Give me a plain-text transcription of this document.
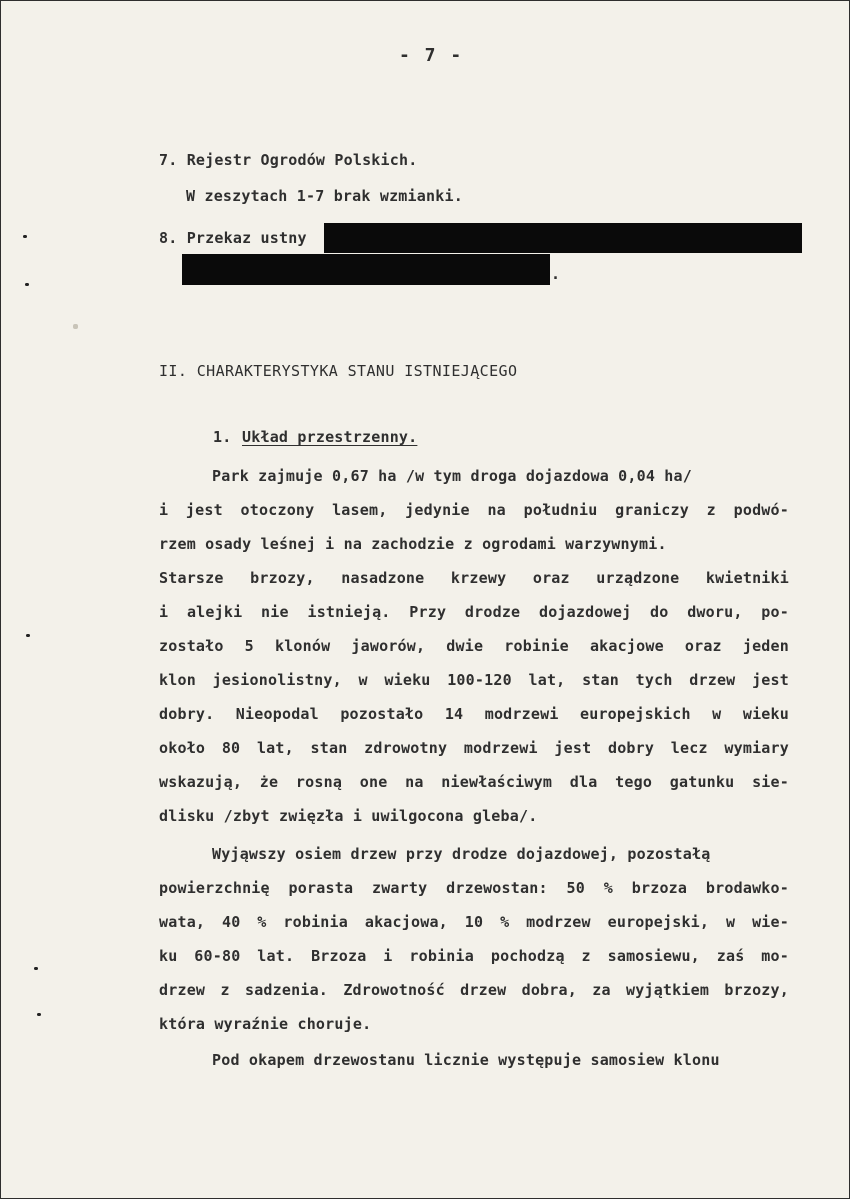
- 7 -
7. Rejestr Ogrodów Polskich.
W zeszytach 1-7 brak wzmianki.
8. Przekaz ustny
.
II. CHARAKTERYSTYKA STANU ISTNIEJĄCEGO
1. Układ przestrzenny.
Park zajmuje 0,67 ha /w tym droga dojazdowa 0,04 ha/
i jest otoczony lasem, jedynie na południu graniczy z podwó-
rzem osady leśnej i na zachodzie z ogrodami warzywnymi.
Starsze brzozy, nasadzone krzewy oraz urządzone kwietniki
i alejki nie istnieją. Przy drodze dojazdowej do dworu, po-
zostało 5 klonów jaworów, dwie robinie akacjowe oraz jeden
klon jesionolistny, w wieku 100-120 lat, stan tych drzew jest
dobry. Nieopodal pozostało 14 modrzewi europejskich w wieku
około 80 lat, stan zdrowotny modrzewi jest dobry lecz wymiary
wskazują, że rosną one na niewłaściwym dla tego gatunku sie-
dlisku /zbyt zwięzła i uwilgocona gleba/.
Wyjąwszy osiem drzew przy drodze dojazdowej, pozostałą
powierzchnię porasta zwarty drzewostan: 50 % brzoza brodawko-
wata, 40 % robinia akacjowa, 10 % modrzew europejski, w wie-
ku 60-80 lat. Brzoza i robinia pochodzą z samosiewu, zaś mo-
drzew z sadzenia. Zdrowotność drzew dobra, za wyjątkiem brzozy,
która wyraźnie choruje.
Pod okapem drzewostanu licznie występuje samosiew klonu
